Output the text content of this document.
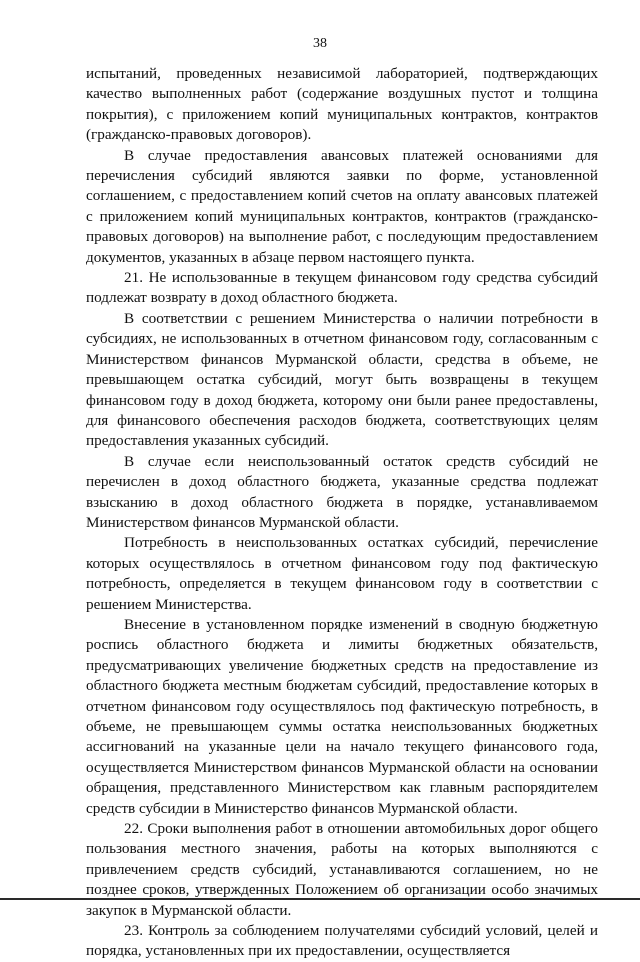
38

испытаний, проведенных независимой лабораторией, подтверждающих качество выполненных работ (содержание воздушных пустот и толщина покрытия), с приложением копий муниципальных контрактов, контрактов (гражданско-правовых договоров).

В случае предоставления авансовых платежей основаниями для перечисления субсидий являются заявки по форме, установленной соглашением, с предоставлением копий счетов на оплату авансовых платежей с приложением копий муниципальных контрактов, контрактов (гражданско-правовых договоров) на выполнение работ, с последующим предоставлением документов, указанных в абзаце первом настоящего пункта.

21. Не использованные в текущем финансовом году средства субсидий подлежат возврату в доход областного бюджета.

В соответствии с решением Министерства о наличии потребности в субсидиях, не использованных в отчетном финансовом году, согласованным с Министерством финансов Мурманской области, средства в объеме, не превышающем остатка субсидий, могут быть возвращены в текущем финансовом году в доход бюджета, которому они были ранее предоставлены, для финансового обеспечения расходов бюджета, соответствующих целям предоставления указанных субсидий.

В случае если неиспользованный остаток средств субсидий не перечислен в доход областного бюджета, указанные средства подлежат взысканию в доход областного бюджета в порядке, устанавливаемом Министерством финансов Мурманской области.

Потребность в неиспользованных остатках субсидий, перечисление которых осуществлялось в отчетном финансовом году под фактическую потребность, определяется в текущем финансовом году в соответствии с решением Министерства.

Внесение в установленном порядке изменений в сводную бюджетную роспись областного бюджета и лимиты бюджетных обязательств, предусматривающих увеличение бюджетных средств на предоставление из областного бюджета местным бюджетам субсидий, предоставление которых в отчетном финансовом году осуществлялось под фактическую потребность, в объеме, не превышающем суммы остатка неиспользованных бюджетных ассигнований на указанные цели на начало текущего финансового года, осуществляется Министерством финансов Мурманской области на основании обращения, представленного Министерством как главным распорядителем средств субсидии в Министерство финансов Мурманской области.

22. Сроки выполнения работ в отношении автомобильных дорог общего пользования местного значения, работы на которых выполняются с привлечением средств субсидий, устанавливаются соглашением, но не позднее сроков, утвержденных Положением об организации особо значимых закупок в Мурманской области.

23. Контроль за соблюдением получателями субсидий условий, целей и порядка, установленных при их предоставлении, осуществляется
